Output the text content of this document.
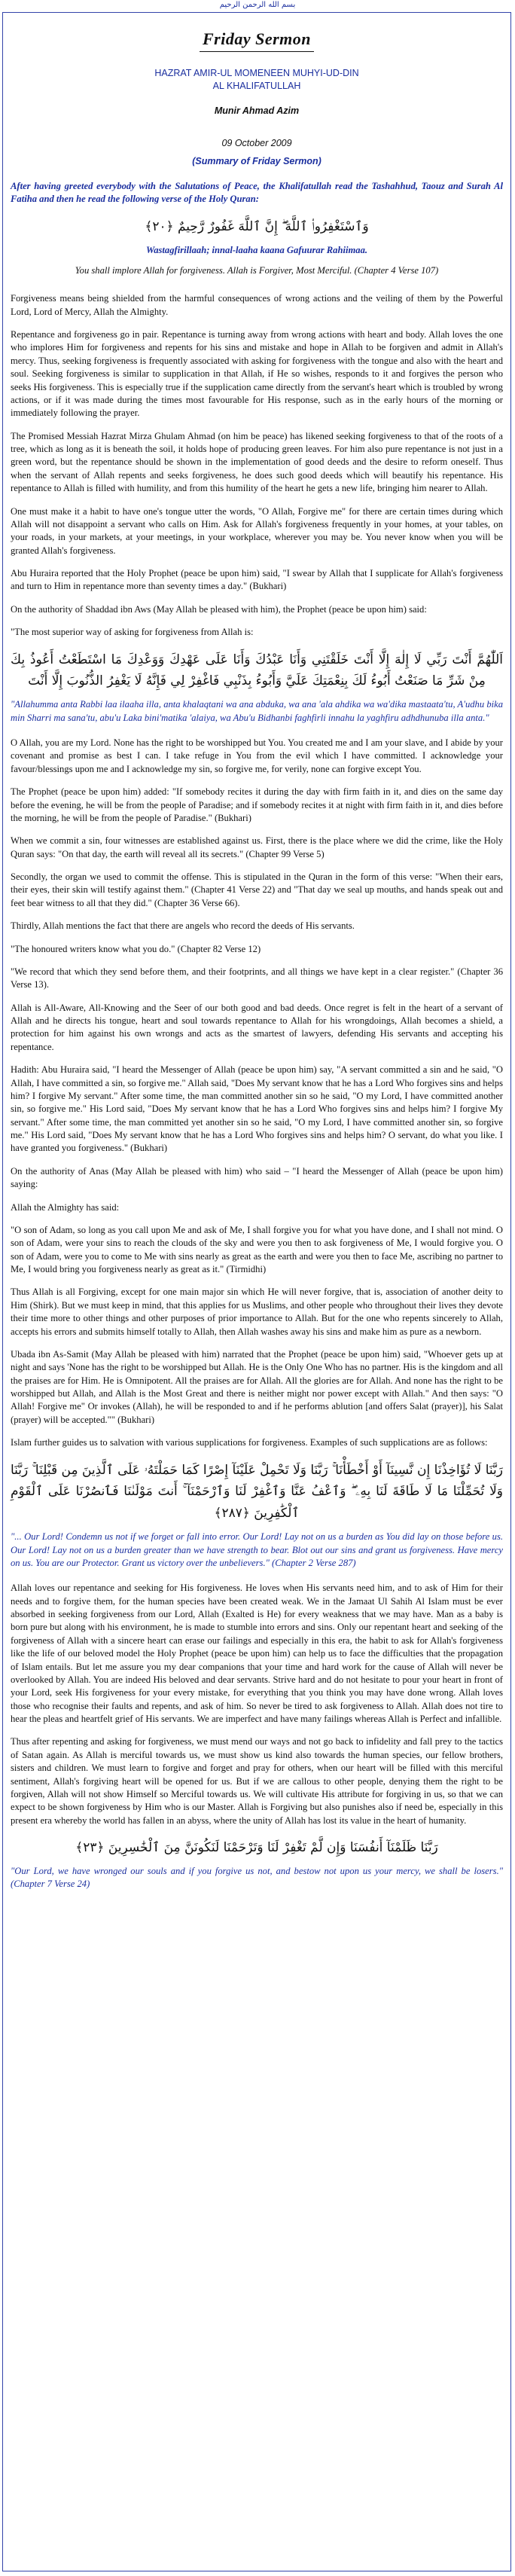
بسم الله الرحمن الرحيم
Friday Sermon
HAZRAT AMIR-UL MOMENEEN MUHYI-UD-DIN
AL KHALIFATULLAH
Munir Ahmad Azim
09 October 2009
(Summary of Friday Sermon)

After having greeted everybody with the Salutations of Peace, the Khalifatullah read the Tashahhud, Taouz and Surah Al Fatiha and then he read the following verse of the Holy Quran:

وَٱسْتَغْفِرُوا۟ ٱللَّهَ ۖ إِنَّ ٱللَّهَ غَفُورٌ رَّحِيمٌ ﴿٢٠﴾
Wastagfirillaah; innal-laaha kaana Gafuurar Rahiimaa.
You shall implore Allah for forgiveness. Allah is Forgiver, Most Merciful. (Chapter 4 Verse 107)

Forgiveness means being shielded from the harmful consequences of wrong actions and the veiling of them by the Powerful Lord, Lord of Mercy, Allah the Almighty.

Repentance and forgiveness go in pair. Repentance is turning away from wrong actions with heart and body. Allah loves the one who implores Him for forgiveness and repents for his sins and mistake and hope in Allah to be forgiven and admit in Allah's mercy. Thus, seeking forgiveness is frequently associated with asking for forgiveness with the tongue and also with the heart and soul. Seeking forgiveness is similar to supplication in that Allah, if He so wishes, responds to it and forgives the person who seeks His forgiveness. This is especially true if the supplication came directly from the servant's heart which is troubled by wrong actions, or if it was made during the times most favourable for His response, such as in the early hours of the morning or immediately following the prayer.

The Promised Messiah Hazrat Mirza Ghulam Ahmad (on him be peace) has likened seeking forgiveness to that of the roots of a tree, which as long as it is beneath the soil, it holds hope of producing green leaves. For him also pure repentance is not just in a green word, but the repentance should be shown in the implementation of good deeds and the desire to reform oneself. Thus when the servant of Allah repents and seeks forgiveness, he does such good deeds which will beautify his repentance. His repentance to Allah is filled with humility, and from this humility of the heart he gets a new life, bringing him nearer to Allah.

One must make it a habit to have one's tongue utter the words, "O Allah, Forgive me" for there are certain times during which Allah will not disappoint a servant who calls on Him. Ask for Allah's forgiveness frequently in your homes, at your tables, on your roads, in your markets, at your meetings, in your workplace, wherever you may be. You never know when you will be granted Allah's forgiveness.

Abu Huraira reported that the Holy Prophet (peace be upon him) said, "I swear by Allah that I supplicate for Allah's forgiveness and turn to Him in repentance more than seventy times a day." (Bukhari)

On the authority of Shaddad ibn Aws (May Allah be pleased with him), the Prophet (peace be upon him) said:

"The most superior way of asking for forgiveness from Allah is:

اَللّٰهُمَّ أَنْتَ رَبِّي لَا إِلٰهَ إِلَّا أَنْتَ خَلَقْتَنِي وَأَنَا عَبْدُكَ وَأَنَا عَلَى عَهْدِكَ وَوَعْدِكَ مَا اسْتَطَعْتُ أَعُوذُ بِكَ مِنْ شَرِّ مَا صَنَعْتُ أَبُوءُ لَكَ بِنِعْمَتِكَ عَلَيَّ وَأَبُوءُ بِذَنْبِي فَاغْفِرْ لِي فَإِنَّهُ لَا يَغْفِرُ الذُّنُوبَ إِلَّا أَنْتَ

"Allahumma anta Rabbi laa ilaaha illa, anta khalaqtani wa ana abduka, wa ana 'ala ahdika wa wa'dika mastaata'tu, A'udhu bika min Sharri ma sana'tu, abu'u Laka bini'matika 'alaiya, wa Abu'u Bidhanbi faghfirli innahu la yaghfiru adhdhunuba illa anta."

O Allah, you are my Lord. None has the right to be worshipped but You. You created me and I am your slave, and I abide by your covenant and promise as best I can. I take refuge in You from the evil which I have committed. I acknowledge your favour/blessings upon me and I acknowledge my sin, so forgive me, for verily, none can forgive except You.

The Prophet (peace be upon him) added: "If somebody recites it during the day with firm faith in it, and dies on the same day before the evening, he will be from the people of Paradise; and if somebody recites it at night with firm faith in it, and dies before the morning, he will be from the people of Paradise." (Bukhari)

When we commit a sin, four witnesses are established against us. First, there is the place where we did the crime, like the Holy Quran says: "On that day, the earth will reveal all its secrets." (Chapter 99 Verse 5)

Secondly, the organ we used to commit the offense. This is stipulated in the Quran in the form of this verse: "When their ears, their eyes, their skin will testify against them." (Chapter 41 Verse 22) and "That day we seal up mouths, and hands speak out and feet bear witness to all that they did." (Chapter 36 Verse 66).

Thirdly, Allah mentions the fact that there are angels who record the deeds of His servants.

"The honoured writers know what you do." (Chapter 82 Verse 12)

"We record that which they send before them, and their footprints, and all things we have kept in a clear register." (Chapter 36 Verse 13).

Allah is All-Aware, All-Knowing and the Seer of our both good and bad deeds. Once regret is felt in the heart of a servant of Allah and he directs his tongue, heart and soul towards repentance to Allah for his wrongdoings, Allah becomes a shield, a protection for him against his own wrongs and acts as the smartest of lawyers, defending His servants and accepting his repentance.

Hadith: Abu Huraira said, "I heard the Messenger of Allah (peace be upon him) say, "A servant committed a sin and he said, "O Allah, I have committed a sin, so forgive me." Allah said, "Does My servant know that he has a Lord Who forgives sins and helps him? I forgive My servant." After some time, the man committed another sin so he said, "O my Lord, I have committed another sin, so forgive me." His Lord said, "Does My servant know that he has a Lord Who forgives sins and helps him? I forgive My servant." After some time, the man committed yet another sin so he said, "O my Lord, I have committed another sin, so forgive me." His Lord said, "Does My servant know that he has a Lord Who forgives sins and helps him? O servant, do what you like. I have granted you forgiveness." (Bukhari)

On the authority of Anas (May Allah be pleased with him) who said – "I heard the Messenger of Allah (peace be upon him) saying:

Allah the Almighty has said:

"O son of Adam, so long as you call upon Me and ask of Me, I shall forgive you for what you have done, and I shall not mind. O son of Adam, were your sins to reach the clouds of the sky and were you then to ask forgiveness of Me, I would forgive you. O son of Adam, were you to come to Me with sins nearly as great as the earth and were you then to face Me, ascribing no partner to Me, I would bring you forgiveness nearly as great as it." (Tirmidhi)

Thus Allah is all Forgiving, except for one main major sin which He will never forgive, that is, association of another deity to Him (Shirk). But we must keep in mind, that this applies for us Muslims, and other people who throughout their lives they devote their time more to other things and other purposes of prior importance to Allah. But for the one who repents sincerely to Allah, accepts his errors and submits himself totally to Allah, then Allah washes away his sins and make him as pure as a newborn.

Ubada ibn As-Samit (May Allah be pleased with him) narrated that the Prophet (peace be upon him) said, "Whoever gets up at night and says 'None has the right to be worshipped but Allah. He is the Only One Who has no partner. His is the kingdom and all the praises are for Him. He is Omnipotent. All the praises are for Allah. All the glories are for Allah. And none has the right to be worshipped but Allah, and Allah is the Most Great and there is neither might nor power except with Allah." And then says: "O Allah! Forgive me" Or invokes (Allah), he will be responded to and if he performs ablution [and offers Salat (prayer)], his Salat (prayer) will be accepted."" (Bukhari)

Islam further guides us to salvation with various supplications for forgiveness. Examples of such supplications are as follows:

رَبَّنَا لَا تُؤَاخِذْنَا إِن نَّسِينَآ أَوْ أَخْطَأْنَا ۚ رَبَّنَا وَلَا تَحْمِلْ عَلَيْنَآ إِصْرًا كَمَا حَمَلْتَهُۥ عَلَى ٱلَّذِينَ مِن قَبْلِنَا ۚ رَبَّنَا وَلَا تُحَمِّلْنَا مَا لَا طَاقَةَ لَنَا بِهِۦ ۖ وَٱعْفُ عَنَّا وَٱغْفِرْ لَنَا وَٱرْحَمْنَآ ۚ أَنتَ مَوْلَىٰنَا فَٱنصُرْنَا عَلَى ٱلْقَوْمِ ٱلْكَٰفِرِينَ ﴿٢٨٧﴾

"... Our Lord! Condemn us not if we forget or fall into error. Our Lord! Lay not on us a burden as You did lay on those before us. Our Lord! Lay not on us a burden greater than we have strength to bear. Blot out our sins and grant us forgiveness. Have mercy on us. You are our Protector. Grant us victory over the unbelievers." (Chapter 2 Verse 287)

Allah loves our repentance and seeking for His forgiveness. He loves when His servants need him, and to ask of Him for their needs and to forgive them, for the human species have been created weak. We in the Jamaat Ul Sahih Al Islam must be ever absorbed in seeking forgiveness from our Lord, Allah (Exalted is He) for every weakness that we may have. Man as a baby is born pure but along with his environment, he is made to stumble into errors and sins. Only our repentant heart and seeking of the forgiveness of Allah with a sincere heart can erase our failings and especially in this era, the habit to ask for Allah's forgiveness like the life of our beloved model the Holy Prophet (peace be upon him) can help us to face the difficulties that the propagation of Islam entails. But let me assure you my dear companions that your time and hard work for the cause of Allah will never be overlooked by Allah. You are indeed His beloved and dear servants. Strive hard and do not hesitate to pour your heart in front of your Lord, seek His forgiveness for your every mistake, for everything that you think you may have done wrong. Allah loves those who recognise their faults and repents, and ask of him. So never be tired to ask forgiveness to Allah. Allah does not tire to hear the pleas and heartfelt grief of His servants. We are imperfect and have many failings whereas Allah is Perfect and infallible.

Thus after repenting and asking for forgiveness, we must mend our ways and not go back to infidelity and fall prey to the tactics of Satan again. As Allah is merciful towards us, we must show us kind also towards the human species, our fellow brothers, sisters and children. We must learn to forgive and forget and pray for others, when our heart will be filled with this merciful sentiment, Allah's forgiving heart will be opened for us. But if we are callous to other people, denying them the right to be forgiven, Allah will not show Himself so Merciful towards us. We will cultivate His attribute for forgiving in us, so that we can expect to be shown forgiveness by Him who is our Master. Allah is Forgiving but also punishes also if need be, especially in this present era whereby the world has fallen in an abyss, where the unity of Allah has lost its value in the heart of humanity.

رَبَّنَا ظَلَمْنَآ أَنفُسَنَا وَإِن لَّمْ تَغْفِرْ لَنَا وَتَرْحَمْنَا لَنَكُونَنَّ مِنَ ٱلْخَٰسِرِينَ ﴿٢٣﴾

"Our Lord, we have wronged our souls and if you forgive us not, and bestow not upon us your mercy, we shall be losers." (Chapter 7 Verse 24)
